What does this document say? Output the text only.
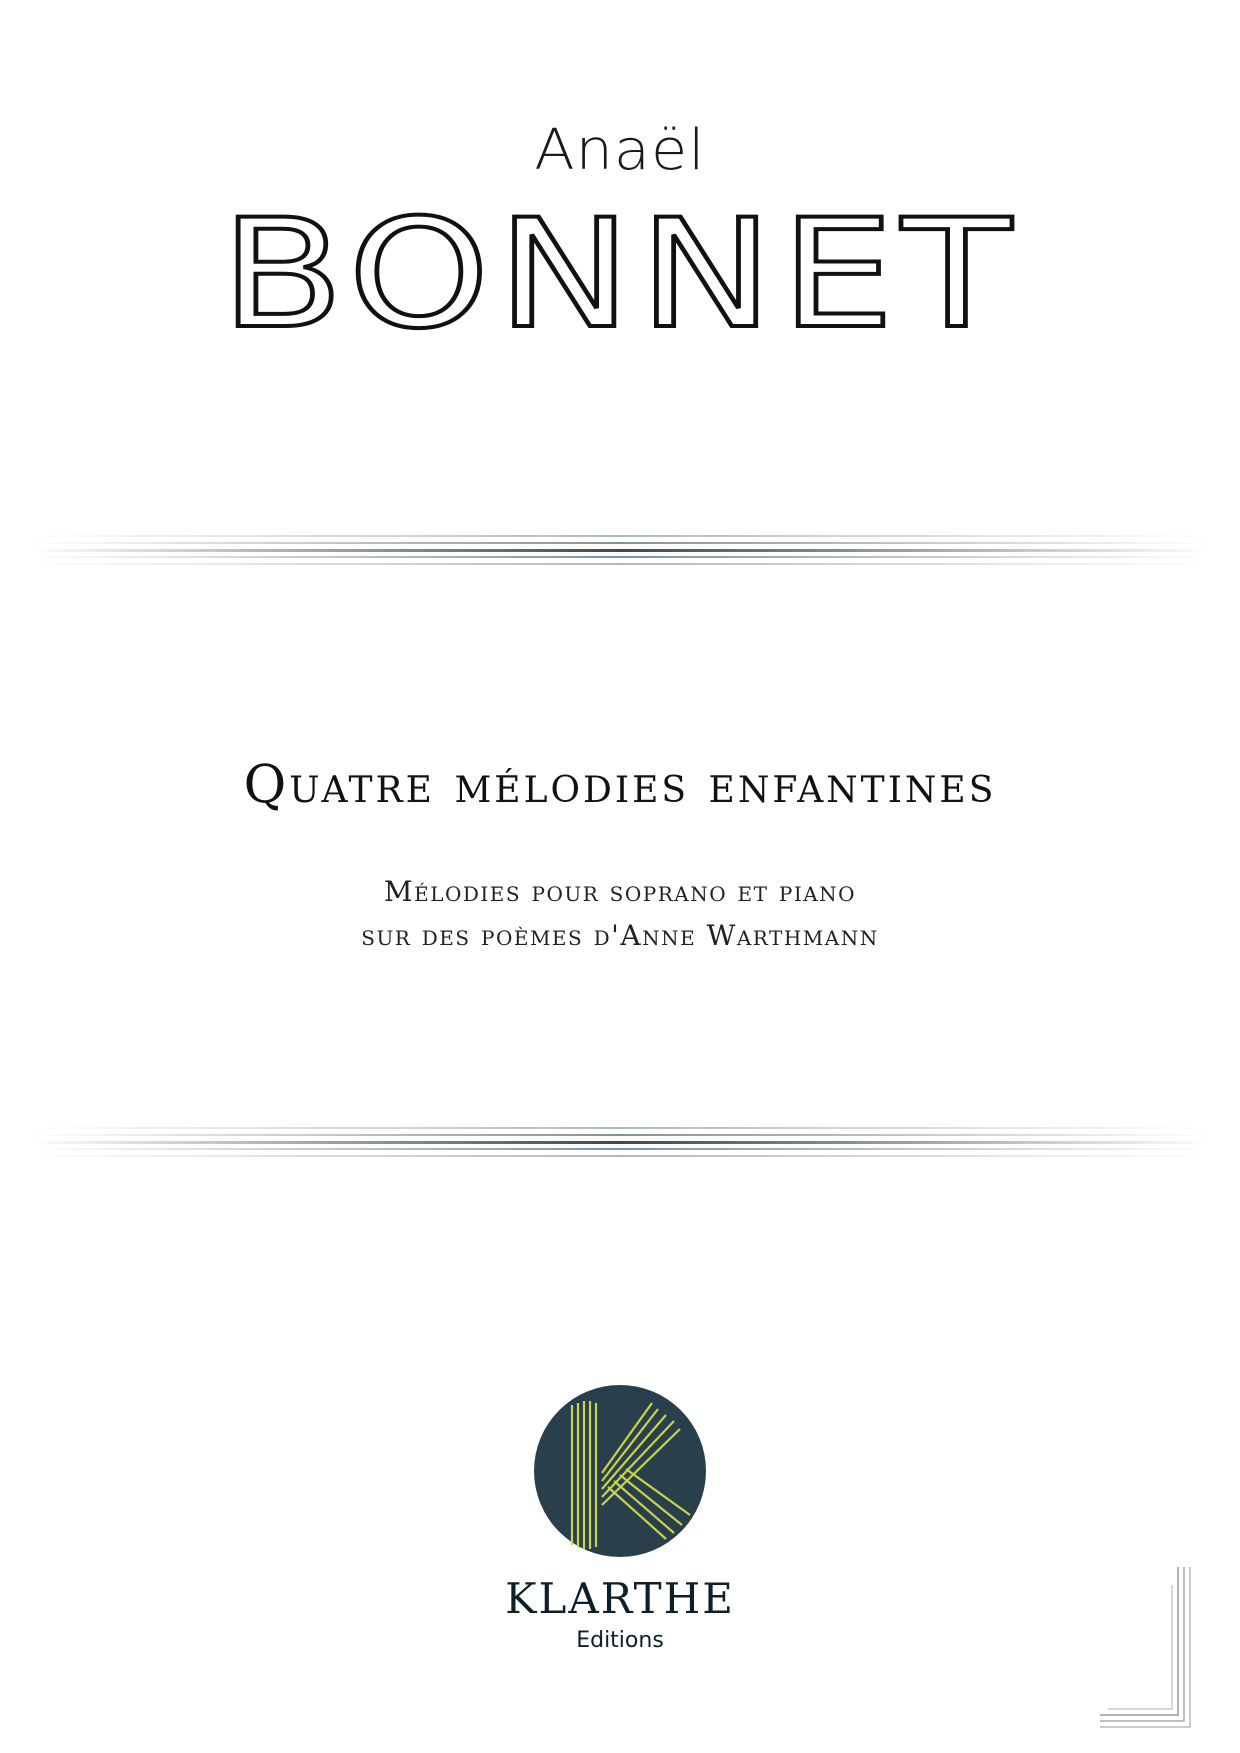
Anaël
BONNET
Quatre mélodies enfantines
Mélodies pour soprano et piano
sur des poèmes d'Anne Warthmann
KLARTHE
Editions
